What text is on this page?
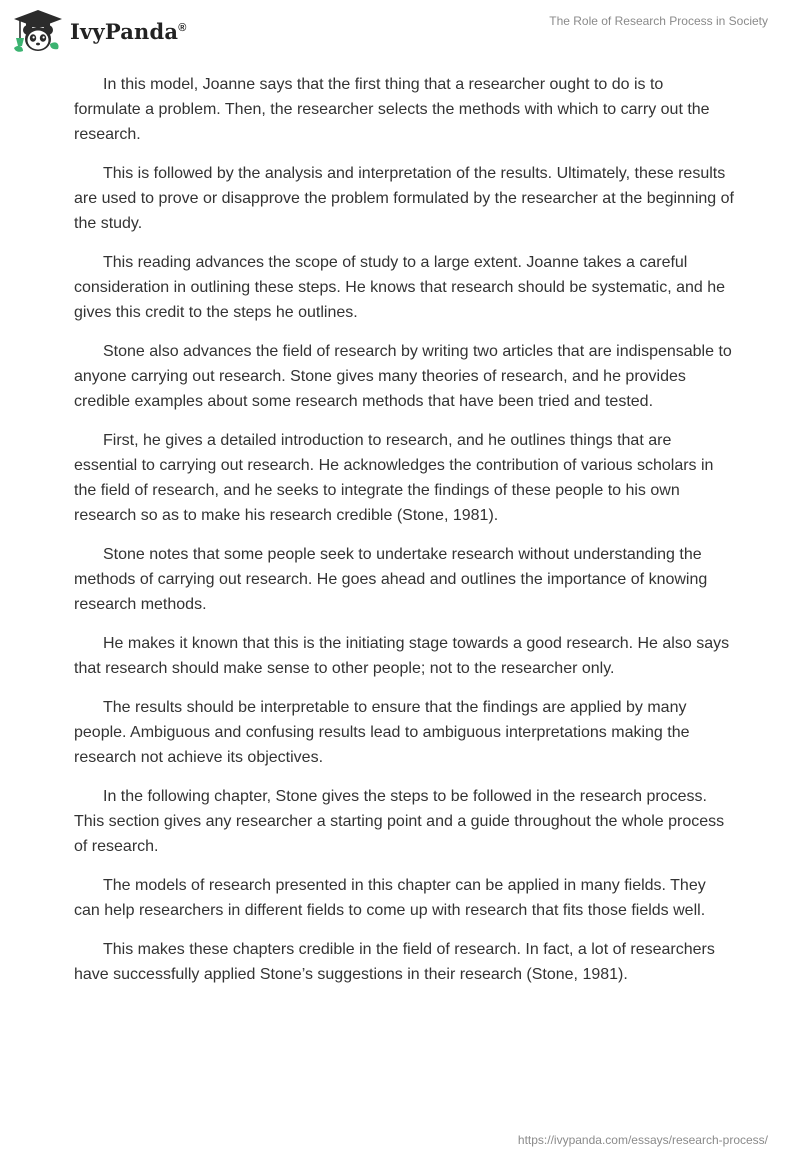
IvyPanda®	The Role of Research Process in Society

In this model, Joanne says that the first thing that a researcher ought to do is to formulate a problem. Then, the researcher selects the methods with which to carry out the research.

This is followed by the analysis and interpretation of the results. Ultimately, these results are used to prove or disapprove the problem formulated by the researcher at the beginning of the study.

This reading advances the scope of study to a large extent. Joanne takes a careful consideration in outlining these steps. He knows that research should be systematic, and he gives this credit to the steps he outlines.

Stone also advances the field of research by writing two articles that are indispensable to anyone carrying out research. Stone gives many theories of research, and he provides credible examples about some research methods that have been tried and tested.

First, he gives a detailed introduction to research, and he outlines things that are essential to carrying out research. He acknowledges the contribution of various scholars in the field of research, and he seeks to integrate the findings of these people to his own research so as to make his research credible (Stone, 1981).

Stone notes that some people seek to undertake research without understanding the methods of carrying out research. He goes ahead and outlines the importance of knowing research methods.

He makes it known that this is the initiating stage towards a good research. He also says that research should make sense to other people; not to the researcher only.

The results should be interpretable to ensure that the findings are applied by many people. Ambiguous and confusing results lead to ambiguous interpretations making the research not achieve its objectives.

In the following chapter, Stone gives the steps to be followed in the research process. This section gives any researcher a starting point and a guide throughout the whole process of research.

The models of research presented in this chapter can be applied in many fields. They can help researchers in different fields to come up with research that fits those fields well.

This makes these chapters credible in the field of research. In fact, a lot of researchers have successfully applied Stone’s suggestions in their research (Stone, 1981).

https://ivypanda.com/essays/research-process/
